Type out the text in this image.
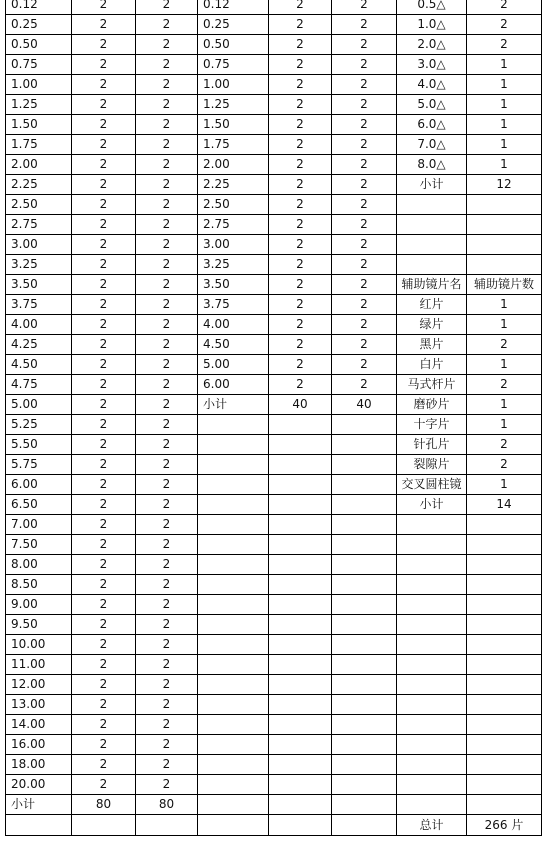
0.12	2	2	0.12	2	2	0.5△	2
0.25	2	2	0.25	2	2	1.0△	2
0.50	2	2	0.50	2	2	2.0△	2
0.75	2	2	0.75	2	2	3.0△	1
1.00	2	2	1.00	2	2	4.0△	1
1.25	2	2	1.25	2	2	5.0△	1
1.50	2	2	1.50	2	2	6.0△	1
1.75	2	2	1.75	2	2	7.0△	1
2.00	2	2	2.00	2	2	8.0△	1
2.25	2	2	2.25	2	2	小计	12
2.50	2	2	2.50	2	2		
2.75	2	2	2.75	2	2		
3.00	2	2	3.00	2	2		
3.25	2	2	3.25	2	2		
3.50	2	2	3.50	2	2	辅助镜片名	辅助镜片数
3.75	2	2	3.75	2	2	红片	1
4.00	2	2	4.00	2	2	绿片	1
4.25	2	2	4.50	2	2	黑片	2
4.50	2	2	5.00	2	2	白片	1
4.75	2	2	6.00	2	2	马式杆片	2
5.00	2	2	小计	40	40	磨砂片	1
5.25	2	2				十字片	1
5.50	2	2				针孔片	2
5.75	2	2				裂隙片	2
6.00	2	2				交叉圆柱镜	1
6.50	2	2				小计	14
7.00	2	2					
7.50	2	2					
8.00	2	2					
8.50	2	2					
9.00	2	2					
9.50	2	2					
10.00	2	2					
11.00	2	2					
12.00	2	2					
13.00	2	2					
14.00	2	2					
16.00	2	2					
18.00	2	2					
20.00	2	2					
小计	80	80					
						总计	266 片
